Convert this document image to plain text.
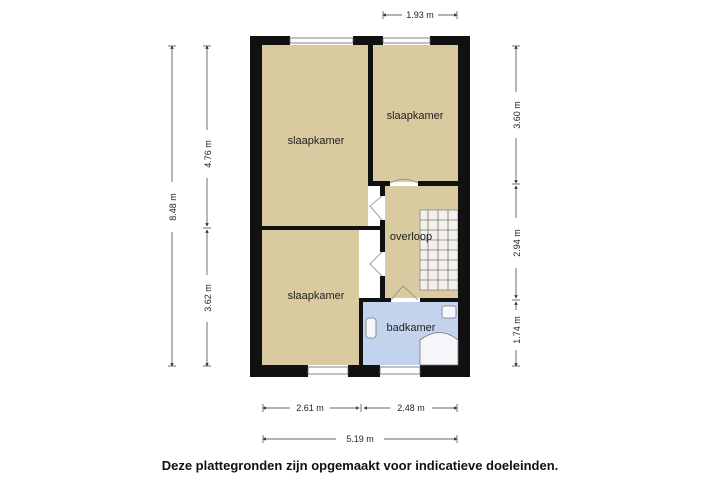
slaapkamer
slaapkamer
overloop
slaapkamer
badkamer
1.93 m
8.48 m
4.76 m
3.62 m
3.60 m
2.94 m
1.74 m
2.61 m	2.48 m
5.19 m
Deze plattegronden zijn opgemaakt voor indicatieve doeleinden.
